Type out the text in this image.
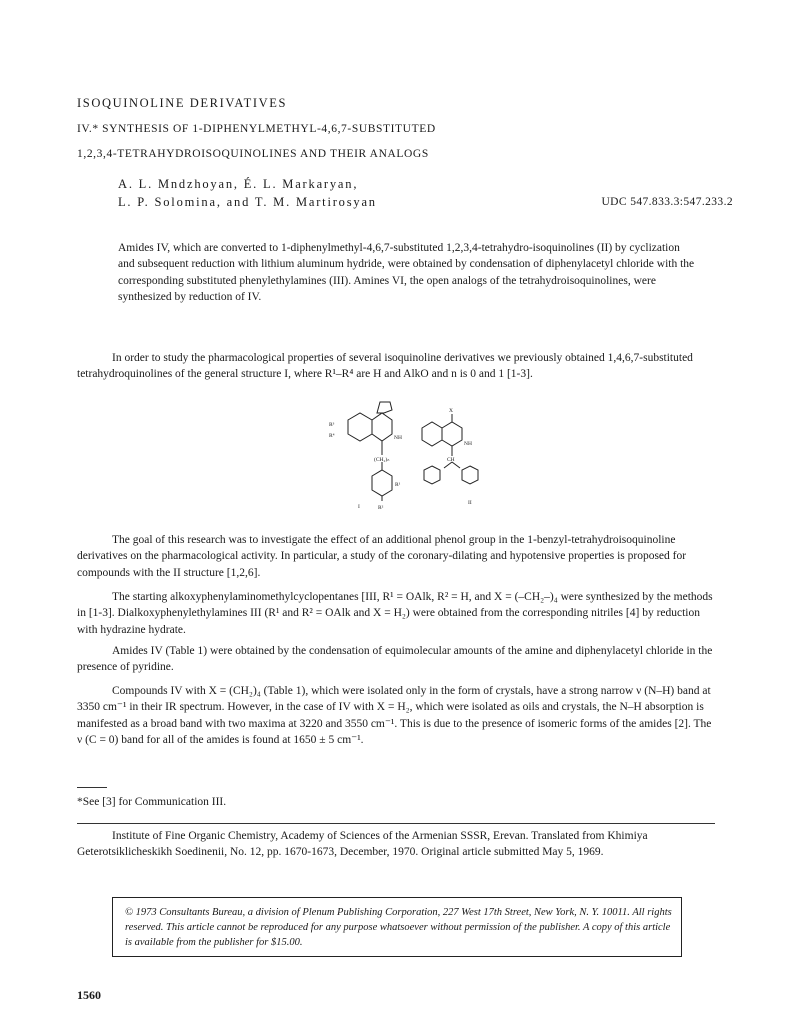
ISOQUINOLINE DERIVATIVES
IV.* SYNTHESIS OF 1-DIPHENYLMETHYL-4,6,7-SUBSTITUTED
1,2,3,4-TETRAHYDROISOQUINOLINES AND THEIR ANALOGS
A. L. Mndzhoyan, É. L. Markaryan,
L. P. Solomina, and T. M. Martirosyan	UDC 547.833.3:547.233.2

Amides IV, which are converted to 1-diphenylmethyl-4,6,7-substituted 1,2,3,4-tetrahydro-isoquinolines (II) by cyclization and subsequent reduction with lithium aluminum hydride, were obtained by condensation of diphenylacetyl chloride with the corresponding substituted phenylethylamines (III). Amines VI, the open analogs of the tetrahydroisoquinolines, were synthesized by reduction of IV.

In order to study the pharmacological properties of several isoquinoline derivatives we previously obtained 1,4,6,7-substituted tetrahydroquinolines of the general structure I, where R¹–R⁴ are H and AlkO and n is 0 and 1 [1-3].

R³
R⁴	NH
(CH₂)ₙ
R¹
R²
I
X
NH
CH
II

The goal of this research was to investigate the effect of an additional phenol group in the 1-benzyl-tetrahydroisoquinoline derivatives on the pharmacological activity. In particular, a study of the coronary-dilating and hypotensive properties is proposed for compounds with the II structure [1,2,6].

The starting alkoxyphenylaminomethylcyclopentanes [III, R¹ = OAlk, R² = H, and X = (–CH₂–)₄ were synthesized by the methods in [1-3]. Dialkoxyphenylethylamines III (R¹ and R² = OAlk and X = H₂) were obtained from the corresponding nitriles [4] by reduction with hydrazine hydrate.

Amides IV (Table 1) were obtained by the condensation of equimolecular amounts of the amine and diphenylacetyl chloride in the presence of pyridine.

Compounds IV with X = (CH₂)₄ (Table 1), which were isolated only in the form of crystals, have a strong narrow ν (N–H) band at 3350 cm⁻¹ in their IR spectrum. However, in the case of IV with X = H₂, which were isolated as oils and crystals, the N–H absorption is manifested as a broad band with two maxima at 3220 and 3550 cm⁻¹. This is due to the presence of isomeric forms of the amides [2]. The ν (C = 0) band for all of the amides is found at 1650 ± 5 cm⁻¹.

*See [3] for Communication III.

Institute of Fine Organic Chemistry, Academy of Sciences of the Armenian SSSR, Erevan. Translated from Khimiya Geterotsiklicheskikh Soedinenii, No. 12, pp. 1670-1673, December, 1970. Original article submitted May 5, 1969.

© 1973 Consultants Bureau, a division of Plenum Publishing Corporation, 227 West 17th Street, New York, N. Y. 10011. All rights reserved. This article cannot be reproduced for any purpose whatsoever without permission of the publisher. A copy of this article is available from the publisher for $15.00.

1560
